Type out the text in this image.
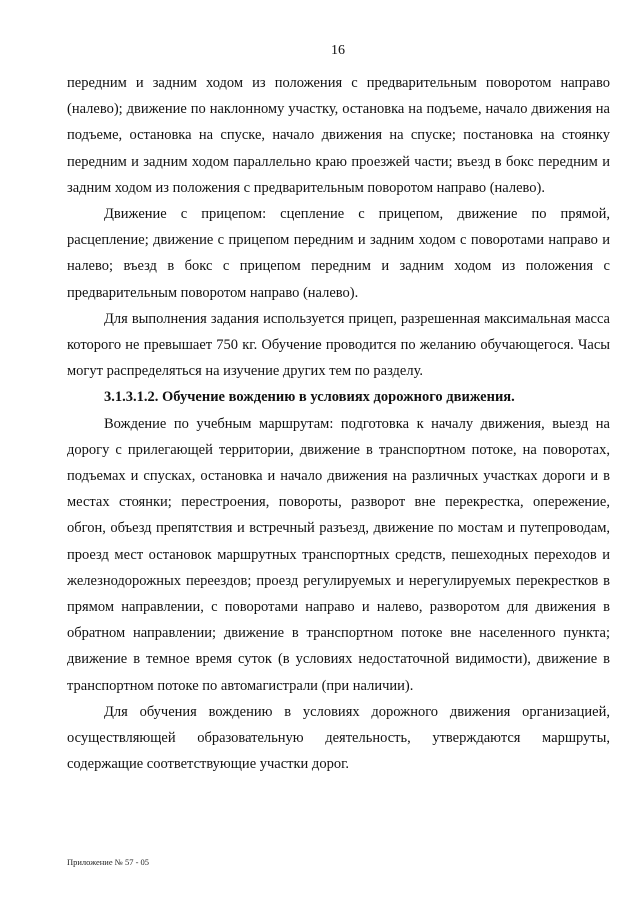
16

передним и задним ходом из положения с предварительным поворотом направо (налево); движение по наклонному участку, остановка на подъеме, начало движения на подъеме, остановка на спуске, начало движения на спуске; постановка на стоянку передним и задним ходом параллельно краю проезжей части; въезд в бокс передним и задним ходом из положения с предварительным поворотом направо (налево).

Движение с прицепом: сцепление с прицепом, движение по прямой, расцепление; движение с прицепом передним и задним ходом с поворотами направо и налево; въезд в бокс с прицепом передним и задним ходом из положения с предварительным поворотом направо (налево).

Для выполнения задания используется прицеп, разрешенная максимальная масса которого не превышает 750 кг. Обучение проводится по желанию обучающегося. Часы могут распределяться на изучение других тем по разделу.

3.1.3.1.2. Обучение вождению в условиях дорожного движения.

Вождение по учебным маршрутам: подготовка к началу движения, выезд на дорогу с прилегающей территории, движение в транспортном потоке, на поворотах, подъемах и спусках, остановка и начало движения на различных участках дороги и в местах стоянки; перестроения, повороты, разворот вне перекрестка, опережение, обгон, объезд препятствия и встречный разъезд, движение по мостам и путепроводам, проезд мест остановок маршрутных транспортных средств, пешеходных переходов и железнодорожных переездов; проезд регулируемых и нерегулируемых перекрестков в прямом направлении, с поворотами направо и налево, разворотом для движения в обратном направлении; движение в транспортном потоке вне населенного пункта; движение в темное время суток (в условиях недостаточной видимости), движение в транспортном потоке по автомагистрали (при наличии).

Для обучения вождению в условиях дорожного движения организацией, осуществляющей образовательную деятельность, утверждаются маршруты, содержащие соответствующие участки дорог.

Приложение № 57 - 05
